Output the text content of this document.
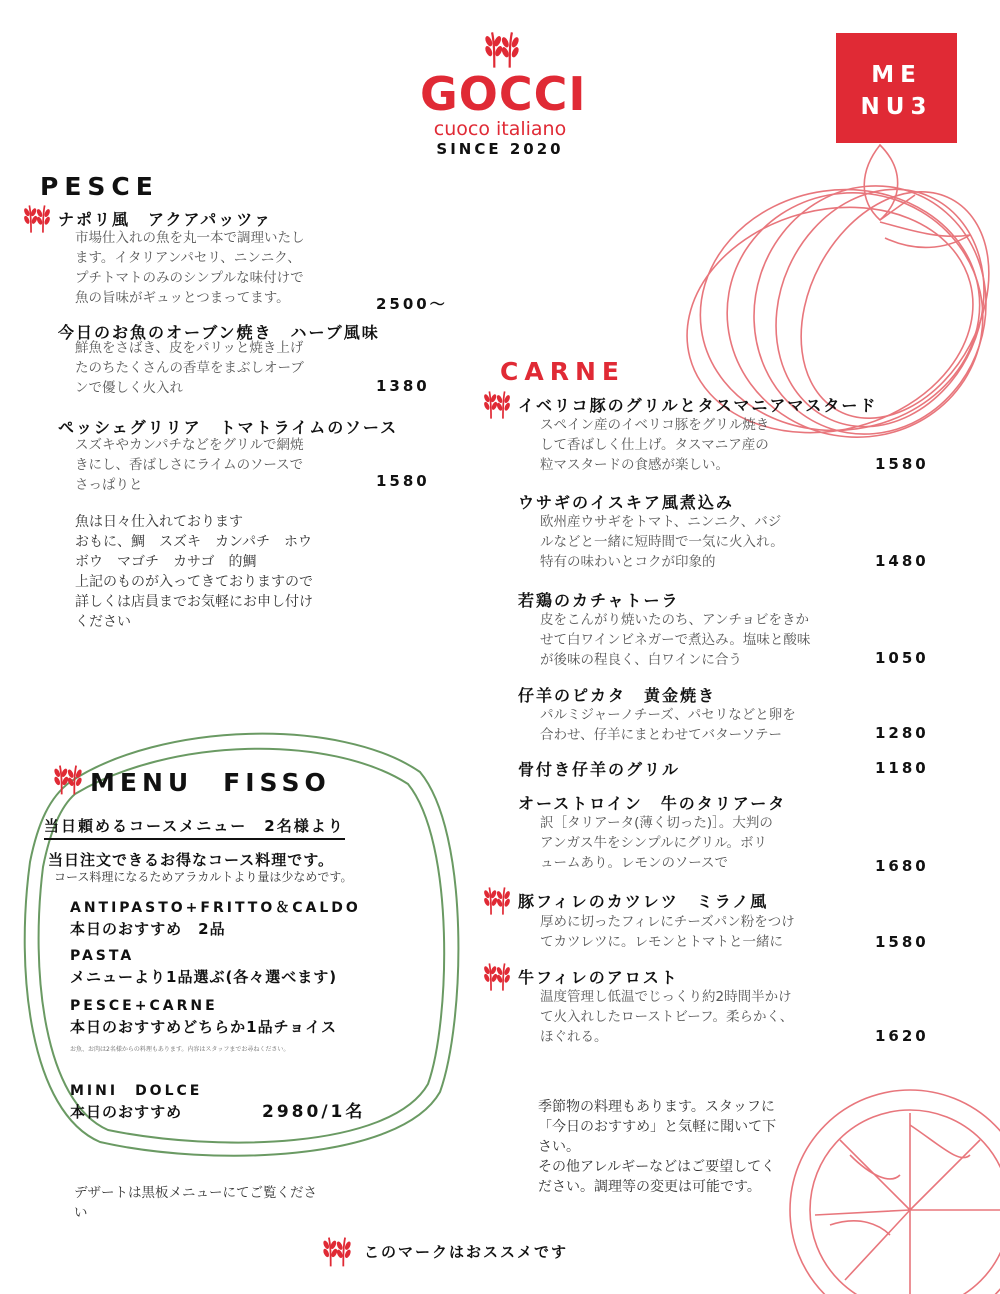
GOCCI
cuoco italiano
SINCE 2020
ME
NU3
PESCE
ナポリ風　アクアパッツァ
市場仕入れの魚を丸一本で調理いたし
ます。イタリアンパセリ、ニンニク、
プチトマトのみのシンプルな味付けで
魚の旨味がギュッとつまってます。	2500〜
今日のお魚のオーブン焼き　ハーブ風味
鮮魚をさばき、皮をパリッと焼き上げ
たのちたくさんの香草をまぶしオーブ
ンで優しく火入れ	1380
ペッシェグリリア　トマトライムのソース
スズキやカンパチなどをグリルで網焼
きにし、香ばしさにライムのソースで
さっぱりと	1580
魚は日々仕入れております
おもに、鯛　スズキ　カンパチ　ホウ
ボウ　マゴチ　カサゴ　的鯛
上記のものが入ってきておりますので
詳しくは店員までお気軽にお申し付け
ください
MENU　FISSO
当日頼めるコースメニュー　2名様より
当日注文できるお得なコース料理です。
コース料理になるためアラカルトより量は少なめです。
ANTIPASTO+FRITTO＆CALDO
本日のおすすめ　2品
PASTA
メニューより1品選ぶ(各々選べます)
PESCE+CARNE
本日のおすすめどちらか1品チョイス
お魚、お肉は2名様からの料理もあります。内容はスタッフまでお尋ねください。
MINI　DOLCE
本日のおすすめ	2980/1名
デザートは黒板メニューにてご覧くださ
い
CARNE
イベリコ豚のグリルとタスマニアマスタード
スペイン産のイベリコ豚をグリル焼き
して香ばしく仕上げ。タスマニア産の
粒マスタードの食感が楽しい。	1580
ウサギのイスキア風煮込み
欧州産ウサギをトマト、ニンニク、バジ
ルなどと一緒に短時間で一気に火入れ。
特有の味わいとコクが印象的	1480
若鶏のカチャトーラ
皮をこんがり焼いたのち、アンチョビをきか
せて白ワインビネガーで煮込み。塩味と酸味
が後味の程良く、白ワインに合う	1050
仔羊のピカタ　黄金焼き
パルミジャーノチーズ、パセリなどと卵を
合わせ、仔羊にまとわせてバターソテー	1280
骨付き仔羊のグリル	1180
オーストロイン　牛のタリアータ
訳［タリアータ(薄く切った)］。大判の
アンガス牛をシンプルにグリル。ボリ
ュームあり。レモンのソースで	1680
豚フィレのカツレツ　ミラノ風
厚めに切ったフィレにチーズパン粉をつけ
てカツレツに。レモンとトマトと一緒に	1580
牛フィレのアロスト
温度管理し低温でじっくり約2時間半かけ
て火入れしたローストビーフ。柔らかく、
ほぐれる。	1620
季節物の料理もあります。スタッフに
「今日のおすすめ」と気軽に聞いて下
さい。
その他アレルギーなどはご要望してく
ださい。調理等の変更は可能です。
このマークはおススメです
